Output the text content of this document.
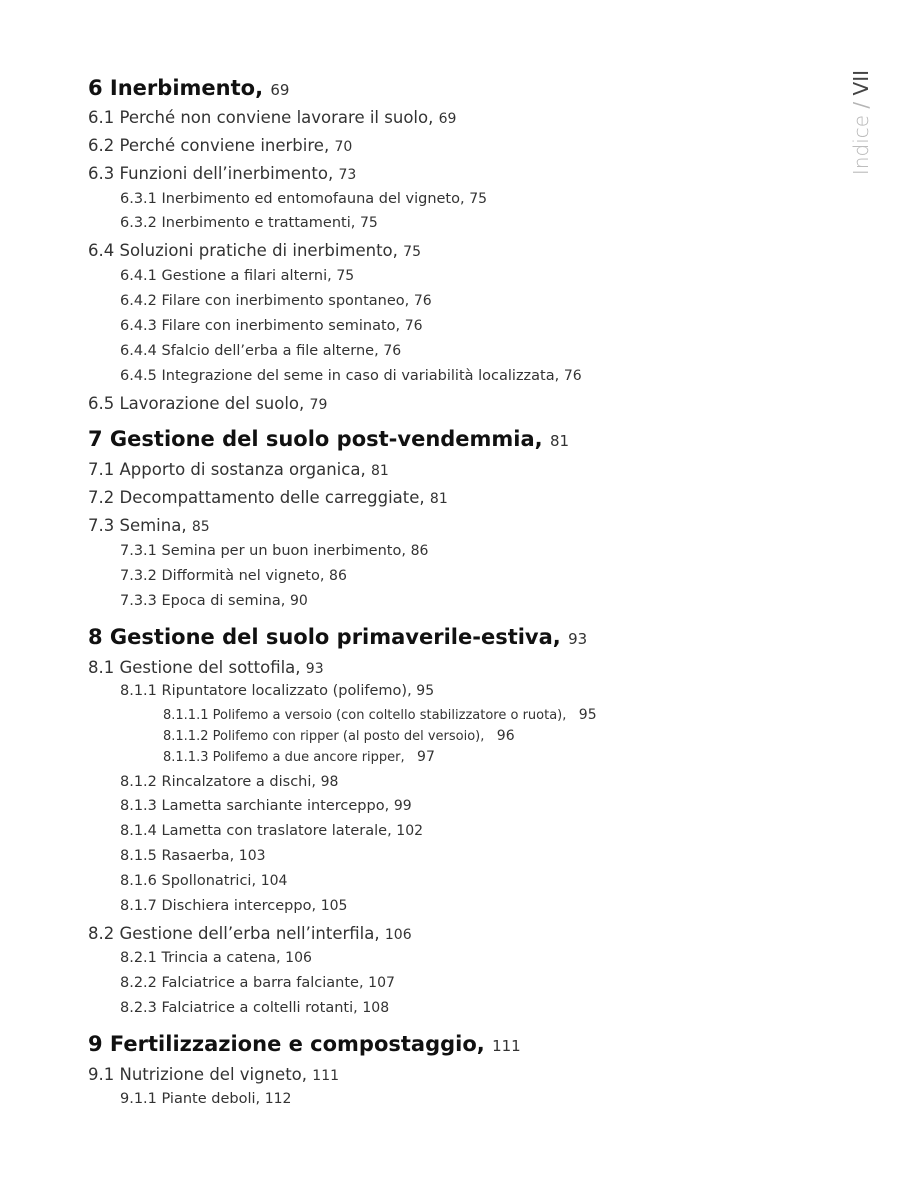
6 Inerbimento, 69
6.1 Perché non conviene lavorare il suolo, 69
6.2 Perché conviene inerbire, 70
6.3 Funzioni dell’inerbimento, 73
6.3.1 Inerbimento ed entomofauna del vigneto, 75
6.3.2 Inerbimento e trattamenti, 75
6.4 Soluzioni pratiche di inerbimento, 75
6.4.1 Gestione a filari alterni, 75
6.4.2 Filare con inerbimento spontaneo, 76
6.4.3 Filare con inerbimento seminato, 76
6.4.4 Sfalcio dell’erba a file alterne, 76
6.4.5 Integrazione del seme in caso di variabilità localizzata, 76
6.5 Lavorazione del suolo, 79
7 Gestione del suolo post-vendemmia, 81
7.1 Apporto di sostanza organica, 81
7.2 Decompattamento delle carreggiate, 81
7.3 Semina, 85
7.3.1 Semina per un buon inerbimento, 86
7.3.2 Difformità nel vigneto, 86
7.3.3 Epoca di semina, 90
8 Gestione del suolo primaverile-estiva, 93
8.1 Gestione del sottofila, 93
8.1.1 Ripuntatore localizzato (polifemo), 95
8.1.1.1 Polifemo a versoio (con coltello stabilizzatore o ruota),   95
8.1.1.2 Polifemo con ripper (al posto del versoio),   96
8.1.1.3 Polifemo a due ancore ripper,   97
8.1.2 Rincalzatore a dischi, 98
8.1.3 Lametta sarchiante interceppo, 99
8.1.4 Lametta con traslatore laterale, 102
8.1.5 Rasaerba, 103
8.1.6 Spollonatrici, 104
8.1.7 Dischiera interceppo, 105
8.2 Gestione dell’erba nell’interfila, 106
8.2.1 Trincia a catena, 106
8.2.2 Falciatrice a barra falciante, 107
8.2.3 Falciatrice a coltelli rotanti, 108
9 Fertilizzazione e compostaggio, 111
9.1 Nutrizione del vigneto, 111
9.1.1 Piante deboli, 112
Indice / VII
